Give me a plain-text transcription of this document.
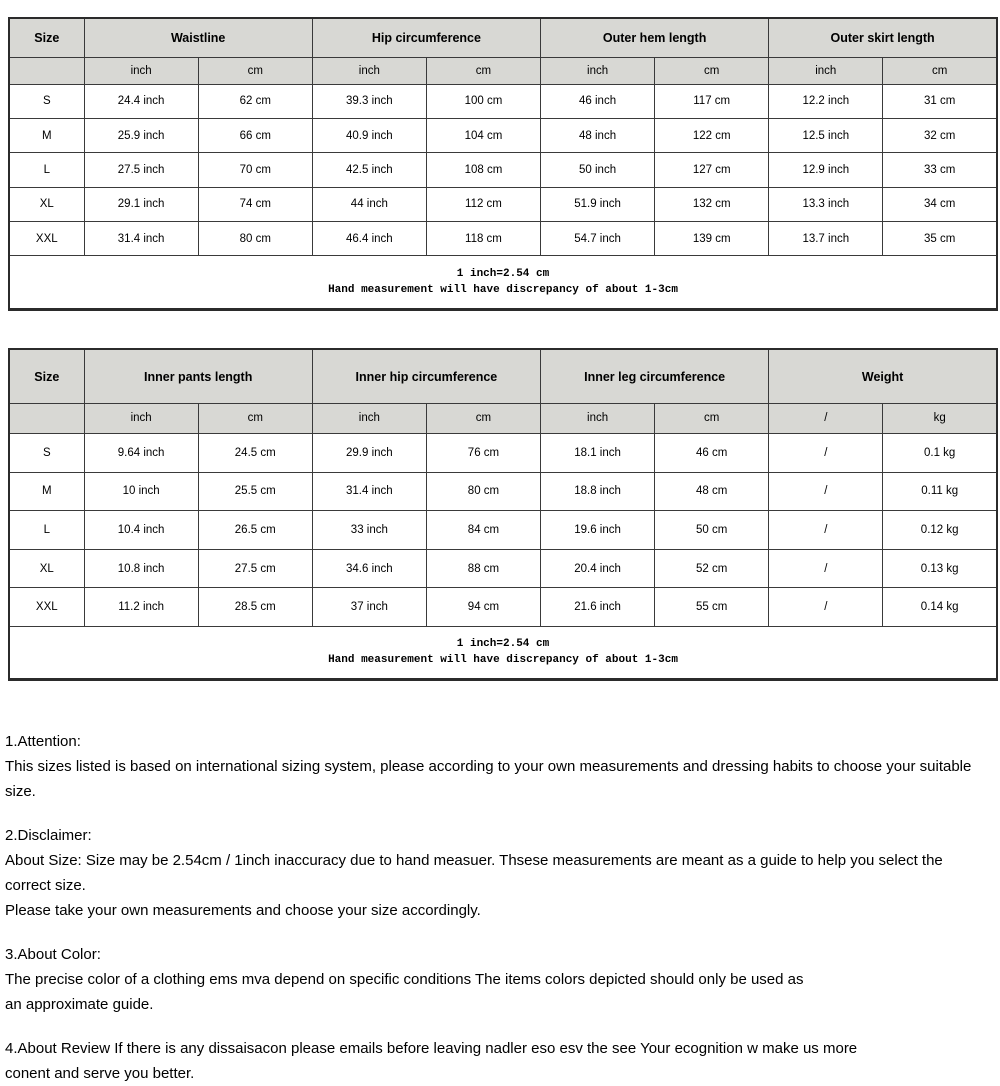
Size	Waistline		Hip circumference		Outer hem length		Outer skirt length	
	inch	cm	inch	cm	inch	cm	inch	cm
S	24.4 inch	62 cm	39.3 inch	100 cm	46 inch	117 cm	12.2 inch	31 cm
M	25.9 inch	66 cm	40.9 inch	104 cm	48 inch	122 cm	12.5 inch	32 cm
L	27.5 inch	70 cm	42.5 inch	108 cm	50 inch	127 cm	12.9 inch	33 cm
XL	29.1 inch	74 cm	44 inch	112 cm	51.9 inch	132 cm	13.3 inch	34 cm
XXL	31.4 inch	80 cm	46.4 inch	118 cm	54.7 inch	139 cm	13.7 inch	35 cm
1 inch=2.54 cm
Hand measurement will have discrepancy of about 1-3cm								
Size	Inner pants length		Inner hip circumference		Inner leg circumference		Weight	
	inch	cm	inch	cm	inch	cm	/	kg
S	9.64 inch	24.5 cm	29.9 inch	76 cm	18.1 inch	46 cm	/	0.1 kg
M	10 inch	25.5 cm	31.4 inch	80 cm	18.8 inch	48 cm	/	0.11 kg
L	10.4 inch	26.5 cm	33 inch	84 cm	19.6 inch	50 cm	/	0.12 kg
XL	10.8 inch	27.5 cm	34.6 inch	88 cm	20.4 inch	52 cm	/	0.13 kg
XXL	11.2 inch	28.5 cm	37 inch	94 cm	21.6 inch	55 cm	/	0.14 kg
1 inch=2.54 cm
Hand measurement will have discrepancy of about 1-3cm								

1.Attention:
This sizes listed is based on international sizing system, please according to your own measurements and dressing habits to choose your suitable size.

2.Disclaimer:
About Size: Size may be 2.54cm / 1inch inaccuracy due to hand measuer. Thsese measurements are meant as a guide to help you select the correct size.
Please take your own measurements and choose your size accordingly.

3.About Color:
The precise color of a clothing ems mva depend on specific conditions The items colors depicted should only be used as
an approximate guide.

4.About Review If there is any dissaisacon please emails before leaving nadler eso esv the see Your ecognition w make us more
conent and serve you better.
